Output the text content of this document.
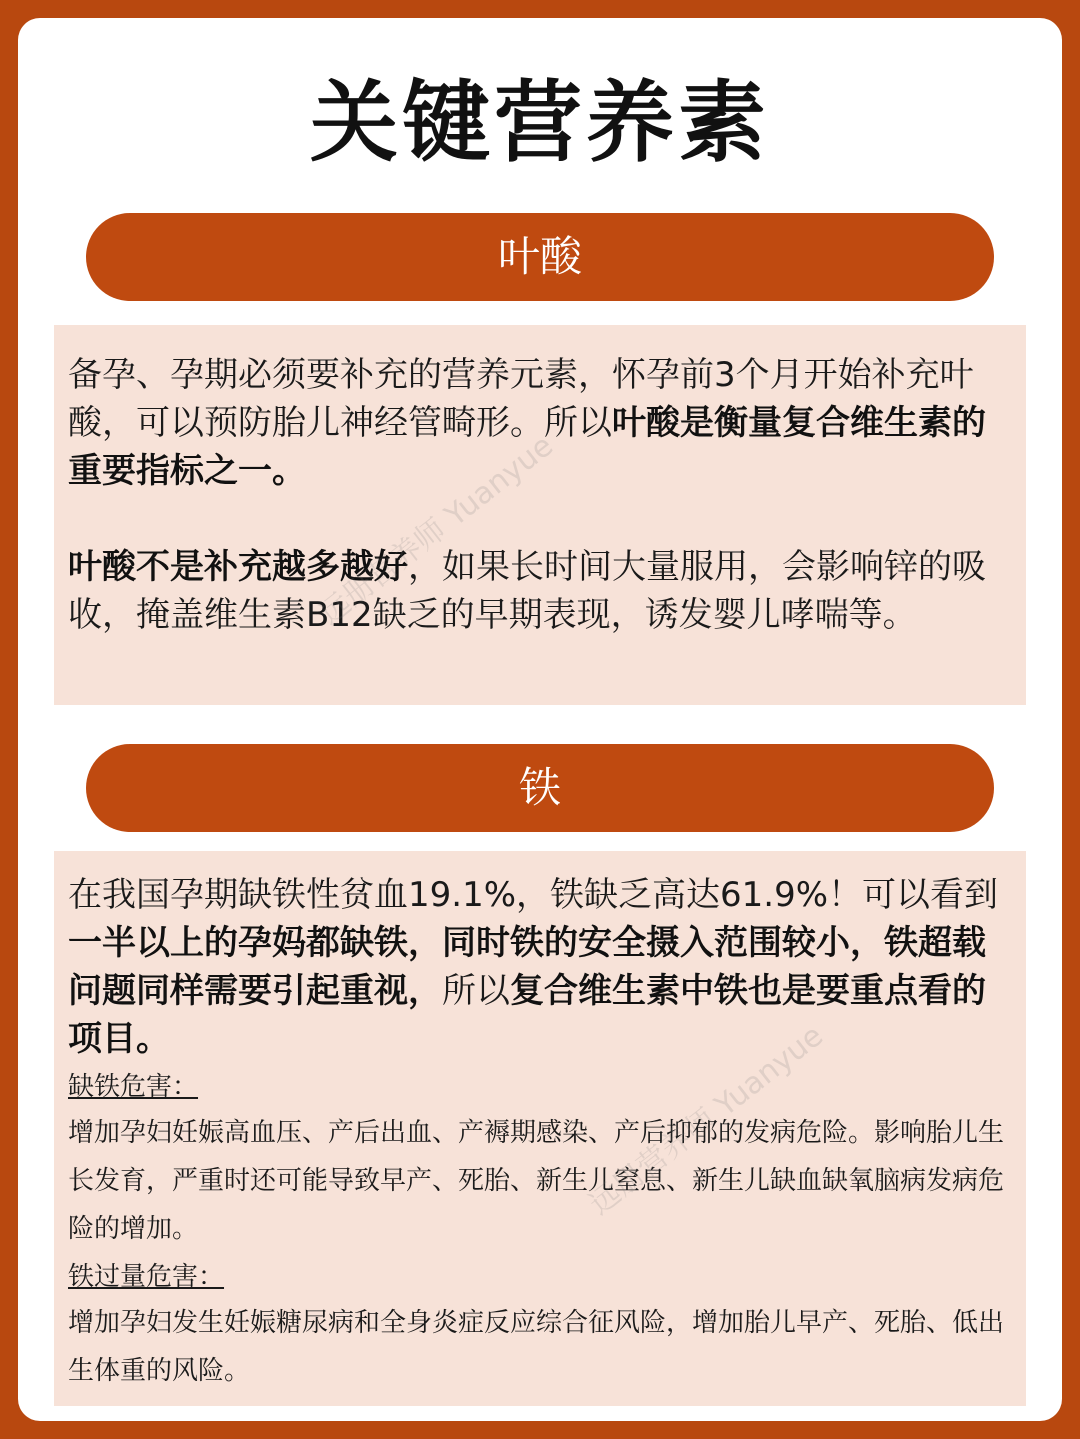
关键营养素
叶酸
备孕、孕期必须要补充的营养元素，怀孕前3个月开始补充叶酸，可以预防胎儿神经管畸形。所以叶酸是衡量复合维生素的重要指标之一。
叶酸不是补充越多越好，如果长时间大量服用，会影响锌的吸收，掩盖维生素B12缺乏的早期表现，诱发婴儿哮喘等。
铁
在我国孕期缺铁性贫血19.1%，铁缺乏高达61.9%！可以看到一半以上的孕妈都缺铁，同时铁的安全摄入范围较小，铁超载问题同样需要引起重视，所以复合维生素中铁也是要重点看的项目。
缺铁危害：
增加孕妇妊娠高血压、产后出血、产褥期感染、产后抑郁的发病危险。影响胎儿生长发育，严重时还可能导致早产、死胎、新生儿窒息、新生儿缺血缺氧脑病发病危险的增加。
铁过量危害：
增加孕妇发生妊娠糖尿病和全身炎症反应综合征风险，增加胎儿早产、死胎、低出生体重的风险。
